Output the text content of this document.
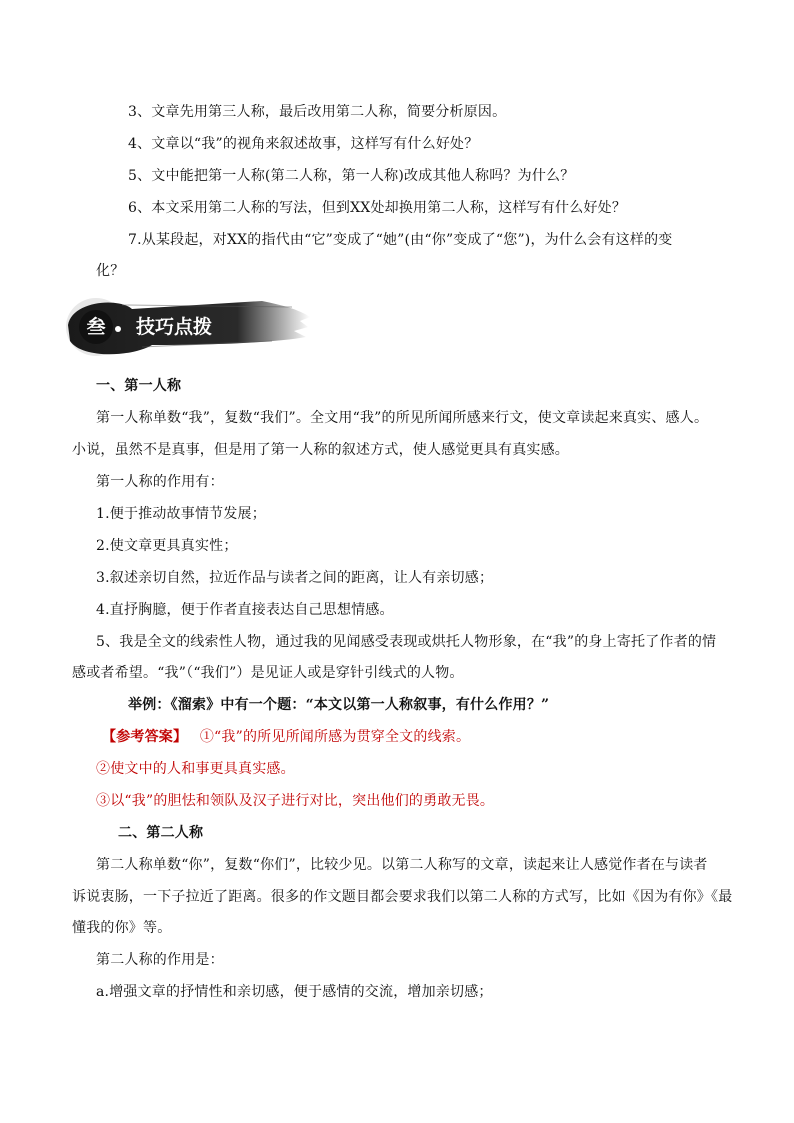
3、文章先用第三人称，最后改用第二人称，简要分析原因。
4、文章以“我”的视角来叙述故事，这样写有什么好处？
5、文中能把第一人称(第二人称，第一人称)改成其他人称吗？为什么？
6、本文采用第二人称的写法，但到XX处却换用第二人称，这样写有什么好处？
7.从某段起，对XX的指代由“它”变成了“她”(由“你”变成了“您”)，为什么会有这样的变
化？
叁 技巧点拨
一、第一人称
第一人称单数“我”，复数“我们”。全文用“我”的所见所闻所感来行文，使文章读起来真实、感人。
小说，虽然不是真事，但是用了第一人称的叙述方式，使人感觉更具有真实感。
第一人称的作用有：
1.便于推动故事情节发展；
2.使文章更具真实性；
3.叙述亲切自然，拉近作品与读者之间的距离，让人有亲切感；
4.直抒胸臆，便于作者直接表达自己思想情感。
5、我是全文的线索性人物，通过我的见闻感受表现或烘托人物形象，在“我”的身上寄托了作者的情
感或者希望。“我”（“我们”）是见证人或是穿针引线式的人物。
举例：《溜索》中有一个题：“本文以第一人称叙事，有什么作用？”
【参考答案】 ①“我”的所见所闻所感为贯穿全文的线索。
②使文中的人和事更具真实感。
③以“我”的胆怯和领队及汉子进行对比，突出他们的勇敢无畏。
二、第二人称
第二人称单数“你”，复数“你们”，比较少见。以第二人称写的文章，读起来让人感觉作者在与读者
诉说衷肠，一下子拉近了距离。很多的作文题目都会要求我们以第二人称的方式写，比如《因为有你》《最
懂我的你》等。
第二人称的作用是：
a.增强文章的抒情性和亲切感，便于感情的交流，增加亲切感；
